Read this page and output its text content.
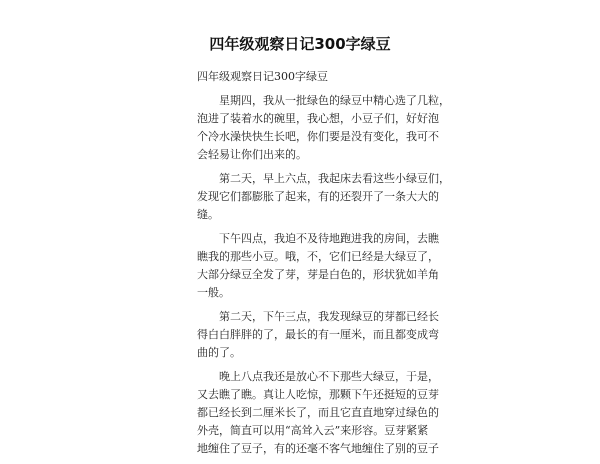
四年级观察日记300字绿豆
四年级观察日记300字绿豆
星期四，我从一批绿色的绿豆中精心选了几粒，
泡进了装着水的碗里，我心想，小豆子们，好好泡
个冷水澡快快生长吧，你们要是没有变化，我可不
会轻易让你们出来的。
第二天，早上六点，我起床去看这些小绿豆们，
发现它们都膨胀了起来，有的还裂开了一条大大的
缝。
下午四点，我迫不及待地跑进我的房间，去瞧
瞧我的那些小豆。哦，不，它们已经是大绿豆了，
大部分绿豆全发了芽，芽是白色的，形状犹如羊角
一般。
第二天，下午三点，我发现绿豆的芽都已经长
得白白胖胖的了，最长的有一厘米，而且都变成弯
曲的了。
晚上八点我还是放心不下那些大绿豆，于是，
又去瞧了瞧。真让人吃惊，那颗下午还挺短的豆芽
都已经长到二厘米长了，而且它直直地穿过绿色的
外壳，简直可以用“高耸入云”来形容。豆芽紧紧
地缠住了豆子，有的还毫不客气地缠住了别的豆子
